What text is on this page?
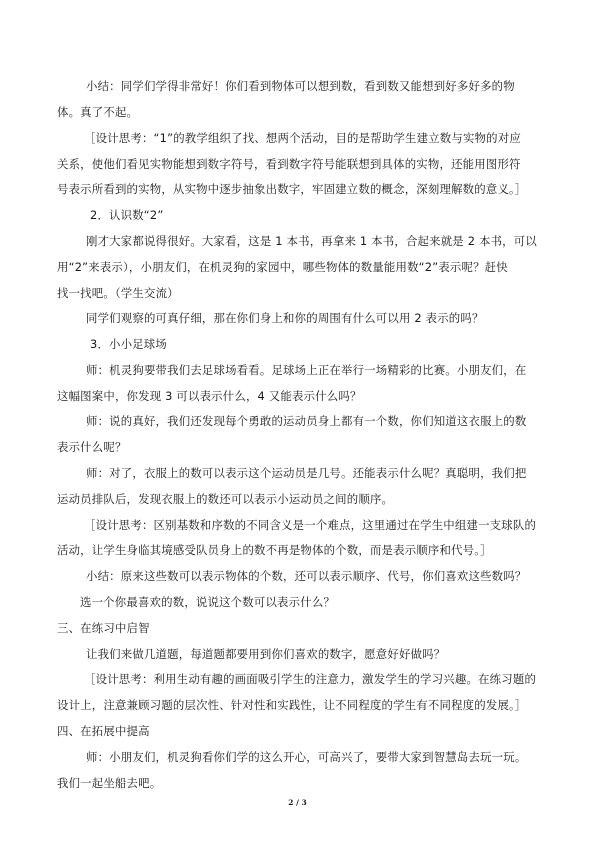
小结：同学们学得非常好！你们看到物体可以想到数，看到数又能想到好多好多的物
体。真了不起。
［设计思考：“1”的教学组织了找、想两个活动，目的是帮助学生建立数与实物的对应
关系，使他们看见实物能想到数字符号，看到数字符号能联想到具体的实物，还能用图形符
号表示所看到的实物，从实物中逐步抽象出数字，牢固建立数的概念，深刻理解数的意义。］
2．认识数“2”
刚才大家都说得很好。大家看，这是 1 本书，再拿来 1 本书，合起来就是 2 本书，可以
用“2”来表示），小朋友们，在机灵狗的家园中，哪些物体的数量能用数“2”表示呢？赶快
找一找吧。（学生交流）
同学们观察的可真仔细，那在你们身上和你的周围有什么可以用 2 表示的吗？
3．小小足球场
师：机灵狗要带我们去足球场看看。足球场上正在举行一场精彩的比赛。小朋友们，在
这幅图案中，你发现 3 可以表示什么，4 又能表示什么吗？
师：说的真好，我们还发现每个勇敢的运动员身上都有一个数，你们知道这衣服上的数
表示什么呢？
师：对了，衣服上的数可以表示这个运动员是几号。还能表示什么呢？真聪明，我们把
运动员排队后，发现衣服上的数还可以表示小运动员之间的顺序。
［设计思考：区别基数和序数的不同含义是一个难点，这里通过在学生中组建一支球队的
活动，让学生身临其境感受队员身上的数不再是物体的个数，而是表示顺序和代号。］
小结：原来这些数可以表示物体的个数，还可以表示顺序、代号，你们喜欢这些数吗？
选一个你最喜欢的数，说说这个数可以表示什么？
三、在练习中启智
让我们来做几道题，每道题都要用到你们喜欢的数字，愿意好好做吗？
［设计思考：利用生动有趣的画面吸引学生的注意力，激发学生的学习兴趣。在练习题的
设计上，注意兼顾习题的层次性、针对性和实践性，让不同程度的学生有不同程度的发展。］
四、在拓展中提高
师：小朋友们，机灵狗看你们学的这么开心，可高兴了，要带大家到智慧岛去玩一玩。
我们一起坐船去吧。
2 / 3
